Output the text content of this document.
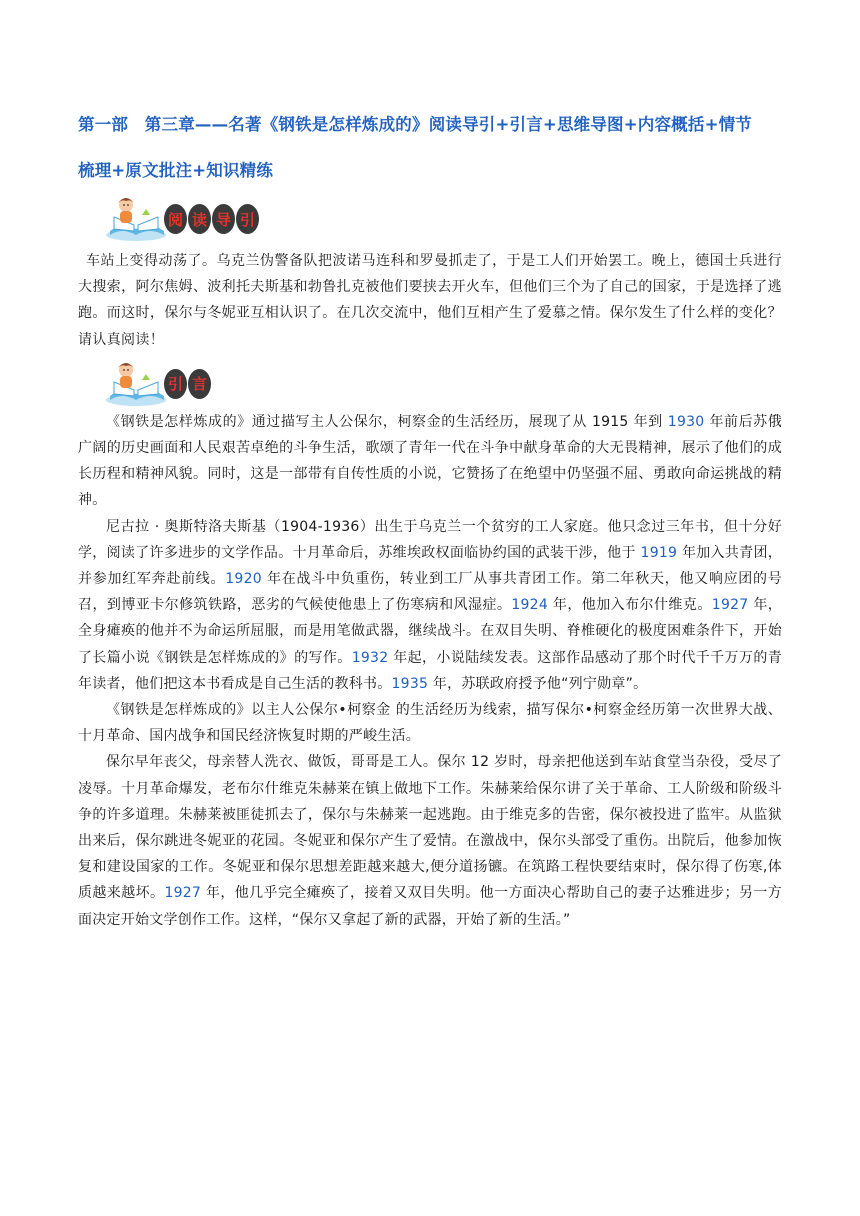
第一部　第三章——名著《钢铁是怎样炼成的》阅读导引+引言+思维导图+内容概括+情节
梳理+原文批注+知识精练
阅 读 导 引

车站上变得动荡了。乌克兰伪警备队把波诺马连科和罗曼抓走了，于是工人们开始罢工。晚上，德国士兵进行大搜索，阿尔焦姆、波利托夫斯基和勃鲁扎克被他们要挟去开火车，但他们三个为了自己的国家，于是选择了逃跑。而这时，保尔与冬妮亚互相认识了。在几次交流中，他们互相产生了爱慕之情。保尔发生了什么样的变化？请认真阅读！

引 言

《钢铁是怎样炼成的》通过描写主人公保尔，柯察金的生活经历，展现了从 1915 年到 1930 年前后苏俄广阔的历史画面和人民艰苦卓绝的斗争生活，歌颂了青年一代在斗争中献身革命的大无畏精神，展示了他们的成长历程和精神风貌。同时，这是一部带有自传性质的小说，它赞扬了在绝望中仍坚强不屈、勇敢向命运挑战的精神。

尼古拉 · 奥斯特洛夫斯基（1904-1936）出生于乌克兰一个贫穷的工人家庭。他只念过三年书，但十分好学，阅读了许多进步的文学作品。十月革命后，苏维埃政权面临协约国的武装干涉，他于 1919 年加入共青团，并参加红军奔赴前线。1920 年在战斗中负重伤，转业到工厂从事共青团工作。第二年秋天，他又响应团的号召，到博亚卡尔修筑铁路，恶劣的气候使他患上了伤寒病和风湿症。1924 年，他加入布尔什维克。1927 年，全身瘫痪的他并不为命运所屈服，而是用笔做武器，继续战斗。在双目失明、脊椎硬化的极度困难条件下，开始了长篇小说《钢铁是怎样炼成的》的写作。1932 年起，小说陆续发表。这部作品感动了那个时代千千万万的青年读者，他们把这本书看成是自己生活的教科书。1935 年，苏联政府授予他“列宁勋章”。

《钢铁是怎样炼成的》以主人公保尔•柯察金 的生活经历为线索，描写保尔•柯察金经历第一次世界大战、十月革命、国内战争和国民经济恢复时期的严峻生活。

保尔早年丧父，母亲替人洗衣、做饭，哥哥是工人。保尔 12 岁时，母亲把他送到车站食堂当杂役，受尽了凌辱。十月革命爆发，老布尔什维克朱赫莱在镇上做地下工作。朱赫莱给保尔讲了关于革命、工人阶级和阶级斗争的许多道理。朱赫莱被匪徒抓去了，保尔与朱赫莱一起逃跑。由于维克多的告密，保尔被投进了监牢。从监狱出来后，保尔跳进冬妮亚的花园。冬妮亚和保尔产生了爱情。在激战中，保尔头部受了重伤。出院后，他参加恢复和建设国家的工作。冬妮亚和保尔思想差距越来越大,便分道扬镳。在筑路工程快要结束时，保尔得了伤寒,体质越来越坏。1927 年，他几乎完全瘫痪了，接着又双目失明。他一方面决心帮助自己的妻子达雅进步；另一方面决定开始文学创作工作。这样，“保尔又拿起了新的武器，开始了新的生活。”
